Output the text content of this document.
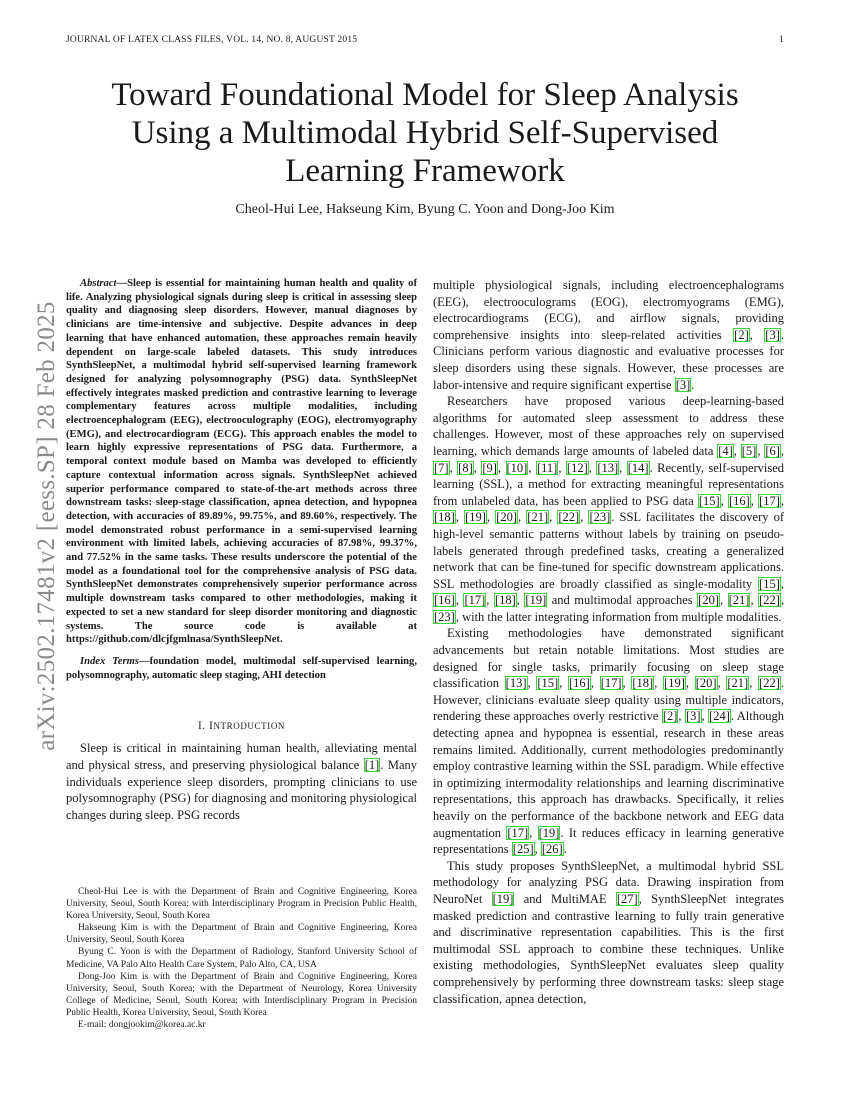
JOURNAL OF LATEX CLASS FILES, VOL. 14, NO. 8, AUGUST 2015	1
arXiv:2502.17481v2 [eess.SP] 28 Feb 2025
Toward Foundational Model for Sleep Analysis Using a Multimodal Hybrid Self-Supervised Learning Framework
Cheol-Hui Lee, Hakseung Kim, Byung C. Yoon and Dong-Joo Kim

Abstract—Sleep is essential for maintaining human health and quality of life. Analyzing physiological signals during sleep is critical in assessing sleep quality and diagnosing sleep disorders. However, manual diagnoses by clinicians are time-intensive and subjective. Despite advances in deep learning that have enhanced automation, these approaches remain heavily dependent on large-scale labeled datasets. This study introduces SynthSleepNet, a multimodal hybrid self-supervised learning framework designed for analyzing polysomnography (PSG) data. SynthSleepNet effectively integrates masked prediction and contrastive learning to leverage complementary features across multiple modalities, including electroencephalogram (EEG), electrooculography (EOG), electromyography (EMG), and electrocardiogram (ECG). This approach enables the model to learn highly expressive representations of PSG data. Furthermore, a temporal context module based on Mamba was developed to efficiently capture contextual information across signals. SynthSleepNet achieved superior performance compared to state-of-the-art methods across three downstream tasks: sleep-stage classification, apnea detection, and hypopnea detection, with accuracies of 89.89%, 99.75%, and 89.60%, respectively. The model demonstrated robust performance in a semi-supervised learning environment with limited labels, achieving accuracies of 87.98%, 99.37%, and 77.52% in the same tasks. These results underscore the potential of the model as a foundational tool for the comprehensive analysis of PSG data. SynthSleepNet demonstrates comprehensively superior performance across multiple downstream tasks compared to other methodologies, making it expected to set a new standard for sleep disorder monitoring and diagnostic systems. The source code is available at https://github.com/dlcjfgmlnasa/SynthSleepNet.

Index Terms—foundation model, multimodal self-supervised learning, polysomnography, automatic sleep staging, AHI detection

I. INTRODUCTION

Sleep is critical in maintaining human health, alleviating mental and physical stress, and preserving physiological balance [1]. Many individuals experience sleep disorders, prompting clinicians to use polysomnography (PSG) for diagnosing and monitoring physiological changes during sleep. PSG records

Cheol-Hui Lee is with the Department of Brain and Cognitive Engineering, Korea University, Seoul, South Korea; with Interdisciplinary Program in Precision Public Health, Korea University, Seoul, South Korea

Hakseung Kim is with the Department of Brain and Cognitive Engineering, Korea University, Seoul, South Korea

Byung C. Yoon is with the Department of Radiology, Stanford University School of Medicine, VA Palo Alto Health Care System, Palo Alto, CA, USA

Dong-Joo Kim is with the Department of Brain and Cognitive Engineering, Korea University, Seoul, South Korea; with the Department of Neurology, Korea University College of Medicine, Seoul, South Korea; with Interdisciplinary Program in Precision Public Health, Korea University, Seoul, South Korea

E-mail: dongjookim@korea.ac.kr

multiple physiological signals, including electroencephalograms (EEG), electrooculograms (EOG), electromyograms (EMG), electrocardiograms (ECG), and airflow signals, providing comprehensive insights into sleep-related activities [2], [3]. Clinicians perform various diagnostic and evaluative processes for sleep disorders using these signals. However, these processes are labor-intensive and require significant expertise [3].

Researchers have proposed various deep-learning-based algorithms for automated sleep assessment to address these challenges. However, most of these approaches rely on supervised learning, which demands large amounts of labeled data [4], [5], [6], [7], [8], [9], [10], [11], [12], [13], [14]. Recently, self-supervised learning (SSL), a method for extracting meaningful representations from unlabeled data, has been applied to PSG data [15], [16], [17], [18], [19], [20], [21], [22], [23]. SSL facilitates the discovery of high-level semantic patterns without labels by training on pseudo-labels generated through predefined tasks, creating a generalized network that can be fine-tuned for specific downstream applications. SSL methodologies are broadly classified as single-modality [15], [16], [17], [18], [19] and multimodal approaches [20], [21], [22], [23], with the latter integrating information from multiple modalities.

Existing methodologies have demonstrated significant advancements but retain notable limitations. Most studies are designed for single tasks, primarily focusing on sleep stage classification [13], [15], [16], [17], [18], [19], [20], [21], [22]. However, clinicians evaluate sleep quality using multiple indicators, rendering these approaches overly restrictive [2], [3], [24]. Although detecting apnea and hypopnea is essential, research in these areas remains limited. Additionally, current methodologies predominantly employ contrastive learning within the SSL paradigm. While effective in optimizing intermodality relationships and learning discriminative representations, this approach has drawbacks. Specifically, it relies heavily on the performance of the backbone network and EEG data augmentation [17], [19]. It reduces efficacy in learning generative representations [25], [26].

This study proposes SynthSleepNet, a multimodal hybrid SSL methodology for analyzing PSG data. Drawing inspiration from NeuroNet [19] and MultiMAE [27], SynthSleepNet integrates masked prediction and contrastive learning to fully train generative and discriminative representation capabilities. This is the first multimodal SSL approach to combine these techniques. Unlike existing methodologies, SynthSleepNet evaluates sleep quality comprehensively by performing three downstream tasks: sleep stage classification, apnea detection,
